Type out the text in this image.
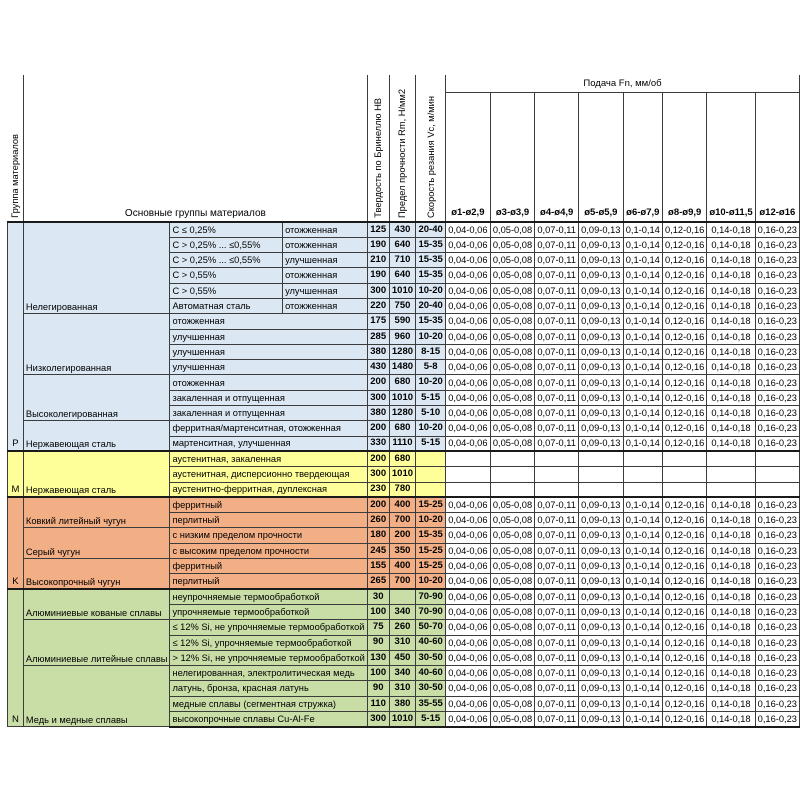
Группа материалов	Основные группы материалов			Твердость по Бринеллю HB	Предел прочности Rm, Н/мм2	Скорость резания Vc, м/мин	Подача Fn, мм/об							
							ø1-ø2,9	ø3-ø3,9	ø4-ø4,9	ø5-ø5,9	ø6-ø7,9	ø8-ø9,9	ø10-ø11,5	ø12-ø16
P	Нелегированная	C ≤ 0,25%	отожженная	125	430	20-40	0,04-0,06	0,05-0,08	0,07-0,11	0,09-0,13	0,1-0,14	0,12-0,16	0,14-0,18	0,16-0,23
		C > 0,25% ... ≤0,55%	отожженная	190	640	15-35	0,04-0,06	0,05-0,08	0,07-0,11	0,09-0,13	0,1-0,14	0,12-0,16	0,14-0,18	0,16-0,23
		C > 0,25% ... ≤0,55%	улучшенная	210	710	15-35	0,04-0,06	0,05-0,08	0,07-0,11	0,09-0,13	0,1-0,14	0,12-0,16	0,14-0,18	0,16-0,23
		C > 0,55%	отожженная	190	640	15-35	0,04-0,06	0,05-0,08	0,07-0,11	0,09-0,13	0,1-0,14	0,12-0,16	0,14-0,18	0,16-0,23
		C > 0,55%	улучшенная	300	1010	10-20	0,04-0,06	0,05-0,08	0,07-0,11	0,09-0,13	0,1-0,14	0,12-0,16	0,14-0,18	0,16-0,23
		Автоматная сталь	отожженная	220	750	20-40	0,04-0,06	0,05-0,08	0,07-0,11	0,09-0,13	0,1-0,14	0,12-0,16	0,14-0,18	0,16-0,23
	Низколегированная	отожженная		175	590	15-35	0,04-0,06	0,05-0,08	0,07-0,11	0,09-0,13	0,1-0,14	0,12-0,16	0,14-0,18	0,16-0,23
		улучшенная		285	960	10-20	0,04-0,06	0,05-0,08	0,07-0,11	0,09-0,13	0,1-0,14	0,12-0,16	0,14-0,18	0,16-0,23
		улучшенная		380	1280	8-15	0,04-0,06	0,05-0,08	0,07-0,11	0,09-0,13	0,1-0,14	0,12-0,16	0,14-0,18	0,16-0,23
		улучшенная		430	1480	5-8	0,04-0,06	0,05-0,08	0,07-0,11	0,09-0,13	0,1-0,14	0,12-0,16	0,14-0,18	0,16-0,23
	Высоколегированная	отожженная		200	680	10-20	0,04-0,06	0,05-0,08	0,07-0,11	0,09-0,13	0,1-0,14	0,12-0,16	0,14-0,18	0,16-0,23
		закаленная и отпущенная		300	1010	5-15	0,04-0,06	0,05-0,08	0,07-0,11	0,09-0,13	0,1-0,14	0,12-0,16	0,14-0,18	0,16-0,23
		закаленная и отпущенная		380	1280	5-10	0,04-0,06	0,05-0,08	0,07-0,11	0,09-0,13	0,1-0,14	0,12-0,16	0,14-0,18	0,16-0,23
	Нержавеющая сталь	ферритная/мартенситная, отожженная		200	680	10-20	0,04-0,06	0,05-0,08	0,07-0,11	0,09-0,13	0,1-0,14	0,12-0,16	0,14-0,18	0,16-0,23
		мартенситная, улучшенная		330	1110	5-15	0,04-0,06	0,05-0,08	0,07-0,11	0,09-0,13	0,1-0,14	0,12-0,16	0,14-0,18	0,16-0,23
M	Нержавеющая сталь	аустенитная, закаленная		200	680									
		аустенитная, дисперсионно твердеющая		300	1010									
		аустенитно-ферритная, дуплексная		230	780									
K	Ковкий литейный чугун	ферритный		200	400	15-25	0,04-0,06	0,05-0,08	0,07-0,11	0,09-0,13	0,1-0,14	0,12-0,16	0,14-0,18	0,16-0,23
		перлитный		260	700	10-20	0,04-0,06	0,05-0,08	0,07-0,11	0,09-0,13	0,1-0,14	0,12-0,16	0,14-0,18	0,16-0,23
	Серый чугун	с низким пределом прочности		180	200	15-35	0,04-0,06	0,05-0,08	0,07-0,11	0,09-0,13	0,1-0,14	0,12-0,16	0,14-0,18	0,16-0,23
		с высоким пределом прочности		245	350	15-25	0,04-0,06	0,05-0,08	0,07-0,11	0,09-0,13	0,1-0,14	0,12-0,16	0,14-0,18	0,16-0,23
	Высокопрочный чугун	ферритный		155	400	15-25	0,04-0,06	0,05-0,08	0,07-0,11	0,09-0,13	0,1-0,14	0,12-0,16	0,14-0,18	0,16-0,23
		перлитный		265	700	10-20	0,04-0,06	0,05-0,08	0,07-0,11	0,09-0,13	0,1-0,14	0,12-0,16	0,14-0,18	0,16-0,23
N	Алюминиевые кованые сплавы	неупрочняемые термообработкой		30		70-90	0,04-0,06	0,05-0,08	0,07-0,11	0,09-0,13	0,1-0,14	0,12-0,16	0,14-0,18	0,16-0,23
		упрочняемые термообработкой		100	340	70-90	0,04-0,06	0,05-0,08	0,07-0,11	0,09-0,13	0,1-0,14	0,12-0,16	0,14-0,18	0,16-0,23
	Алюминиевые литейные сплавы	≤ 12% Si, не упрочняемые термообработкой		75	260	50-70	0,04-0,06	0,05-0,08	0,07-0,11	0,09-0,13	0,1-0,14	0,12-0,16	0,14-0,18	0,16-0,23
		≤ 12% Si, упрочняемые термообработкой		90	310	40-60	0,04-0,06	0,05-0,08	0,07-0,11	0,09-0,13	0,1-0,14	0,12-0,16	0,14-0,18	0,16-0,23
		> 12% Si, не упрочняемые термообработкой		130	450	30-50	0,04-0,06	0,05-0,08	0,07-0,11	0,09-0,13	0,1-0,14	0,12-0,16	0,14-0,18	0,16-0,23
	Медь и медные сплавы	нелегированная, электролитическая медь		100	340	40-60	0,04-0,06	0,05-0,08	0,07-0,11	0,09-0,13	0,1-0,14	0,12-0,16	0,14-0,18	0,16-0,23
		латунь, бронза, красная латунь		90	310	30-50	0,04-0,06	0,05-0,08	0,07-0,11	0,09-0,13	0,1-0,14	0,12-0,16	0,14-0,18	0,16-0,23
		медные сплавы (сегментная стружка)		110	380	35-55	0,04-0,06	0,05-0,08	0,07-0,11	0,09-0,13	0,1-0,14	0,12-0,16	0,14-0,18	0,16-0,23
		высокопрочные сплавы Cu-Al-Fe		300	1010	5-15	0,04-0,06	0,05-0,08	0,07-0,11	0,09-0,13	0,1-0,14	0,12-0,16	0,14-0,18	0,16-0,23
